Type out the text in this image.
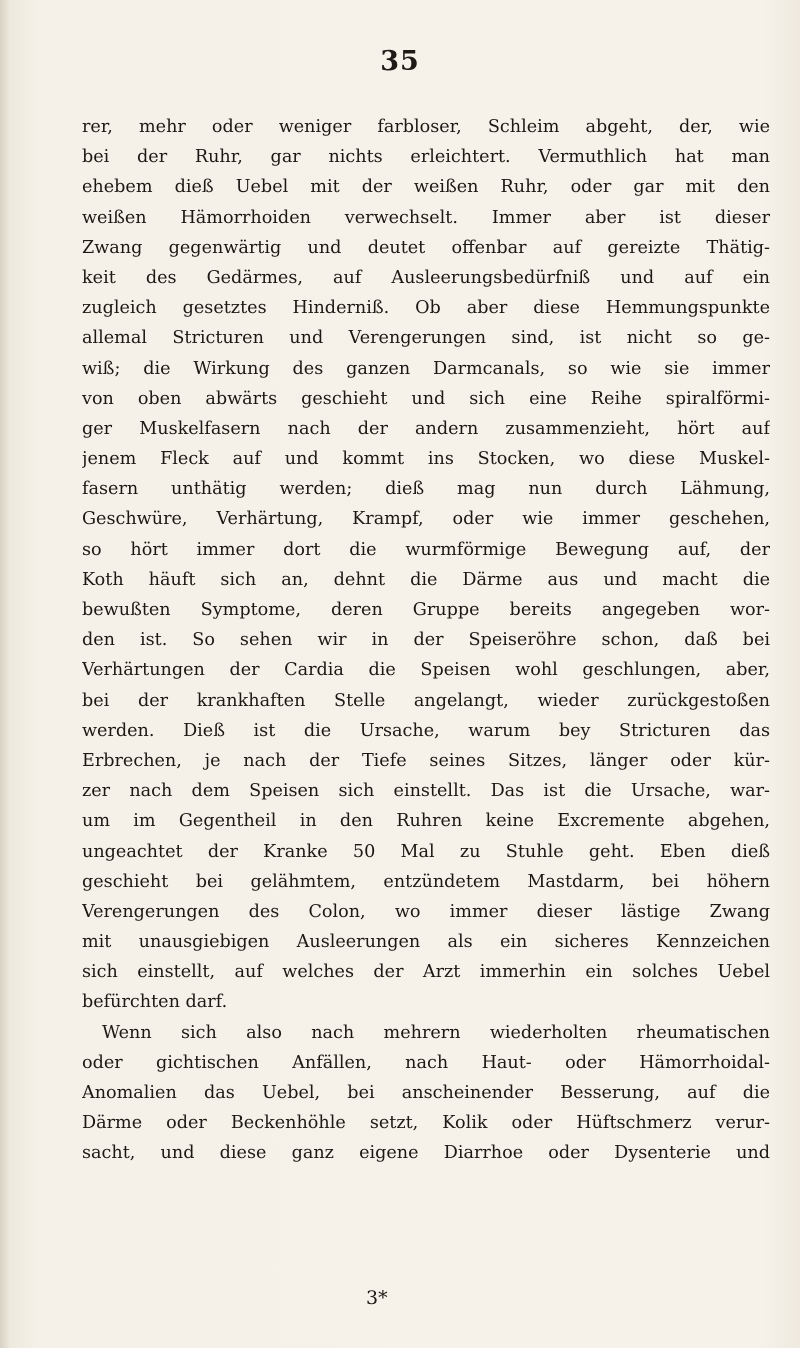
35
rer, mehr oder weniger farbloser, Schleim abgeht, der, wie
bei der Ruhr, gar nichts erleichtert. Vermuthlich hat man
ehebem dieß Uebel mit der weißen Ruhr, oder gar mit den
weißen Hämorrhoiden verwechselt. Immer aber ist dieser
Zwang gegenwärtig und deutet offenbar auf gereizte Thätig-
keit des Gedärmes, auf Ausleerungsbedürfniß und auf ein
zugleich gesetztes Hinderniß. Ob aber diese Hemmungspunkte
allemal Stricturen und Verengerungen sind, ist nicht so ge-
wiß; die Wirkung des ganzen Darmcanals, so wie sie immer
von oben abwärts geschieht und sich eine Reihe spiralförmi-
ger Muskelfasern nach der andern zusammenzieht, hört auf
jenem Fleck auf und kommt ins Stocken, wo diese Muskel-
fasern unthätig werden; dieß mag nun durch Lähmung,
Geschwüre, Verhärtung, Krampf, oder wie immer geschehen,
so hört immer dort die wurmförmige Bewegung auf, der
Koth häuft sich an, dehnt die Därme aus und macht die
bewußten Symptome, deren Gruppe bereits angegeben wor-
den ist. So sehen wir in der Speiseröhre schon, daß bei
Verhärtungen der Cardia die Speisen wohl geschlungen, aber,
bei der krankhaften Stelle angelangt, wieder zurückgestoßen
werden. Dieß ist die Ursache, warum bey Stricturen das
Erbrechen, je nach der Tiefe seines Sitzes, länger oder kür-
zer nach dem Speisen sich einstellt. Das ist die Ursache, war-
um im Gegentheil in den Ruhren keine Excremente abgehen,
ungeachtet der Kranke 50 Mal zu Stuhle geht. Eben dieß
geschieht bei gelähmtem, entzündetem Mastdarm, bei höhern
Verengerungen des Colon, wo immer dieser lästige Zwang
mit unausgiebigen Ausleerungen als ein sicheres Kennzeichen
sich einstellt, auf welches der Arzt immerhin ein solches Uebel
befürchten darf.
Wenn sich also nach mehrern wiederholten rheumatischen
oder gichtischen Anfällen, nach Haut- oder Hämorrhoidal-
Anomalien das Uebel, bei anscheinender Besserung, auf die
Därme oder Beckenhöhle setzt, Kolik oder Hüftschmerz verur-
sacht, und diese ganz eigene Diarrhoe oder Dysenterie und
3*
